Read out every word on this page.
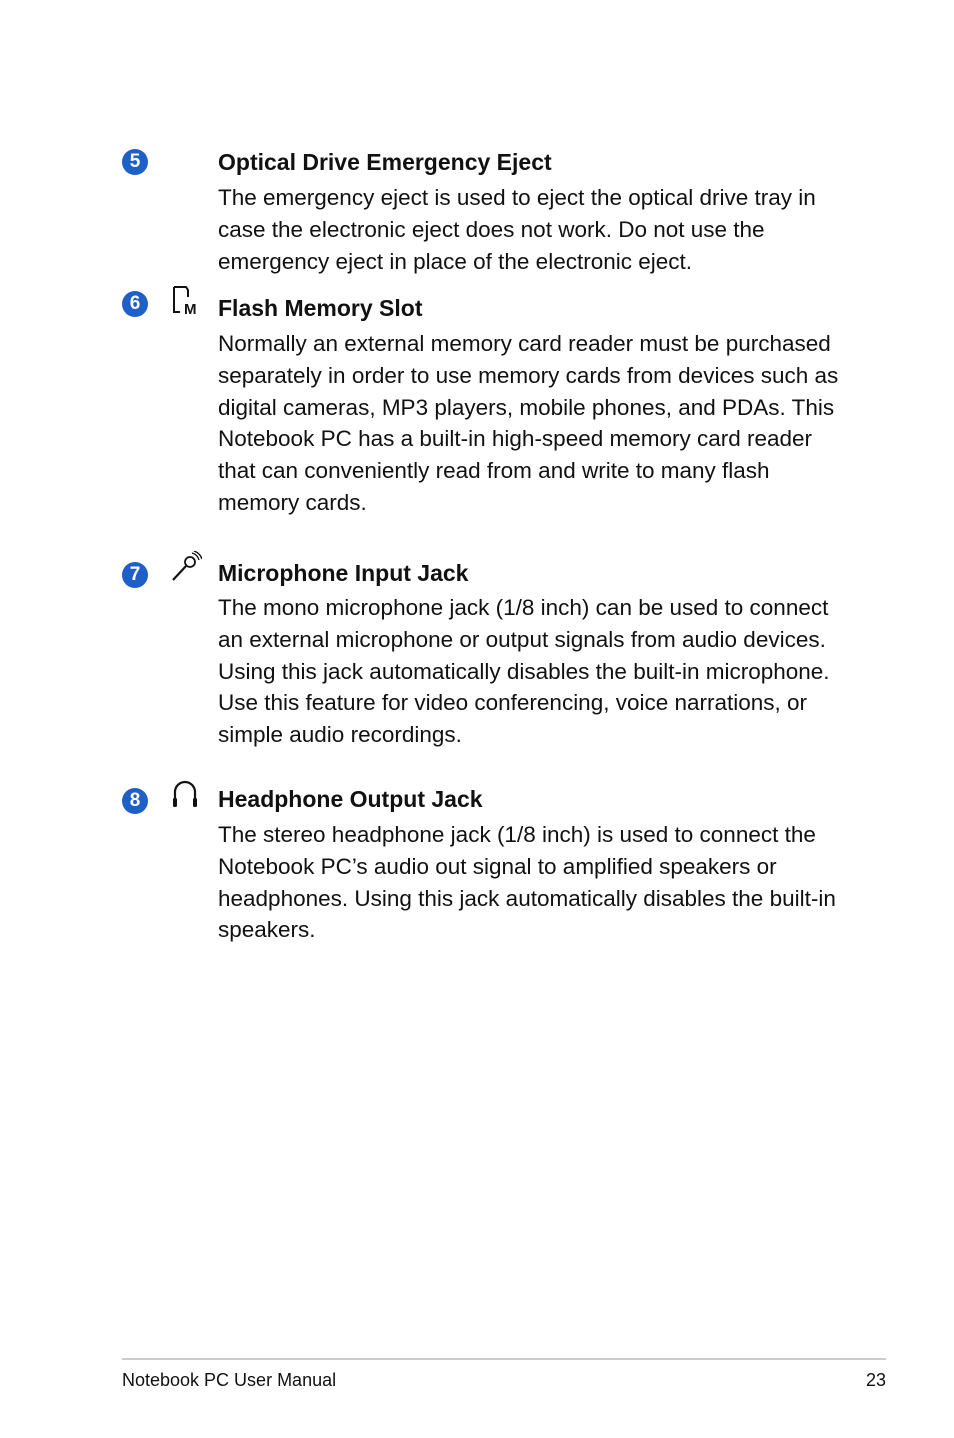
5	Optical Drive Emergency Eject

The emergency eject is used to eject the optical drive tray in case the electronic eject does not work. Do not use the emergency eject in place of the electronic eject.

6	M Flash Memory Slot

Normally an external memory card reader must be purchased separately in order to use memory cards from devices such as digital cameras, MP3 players, mobile phones, and PDAs. This Notebook PC has a built-in high-speed memory card reader that can conveniently read from and write to many flash memory cards.

7	Microphone Input Jack

The mono microphone jack (1/8 inch) can be used to connect an external microphone or output signals from audio devices. Using this jack automatically disables the built-in microphone. Use this feature for video conferencing, voice narrations, or simple audio recordings.

8	Headphone Output Jack

The stereo headphone jack (1/8 inch) is used to connect the Notebook PC’s audio out signal to amplified speakers or headphones. Using this jack automatically disables the built-in speakers.

Notebook PC User Manual	23
